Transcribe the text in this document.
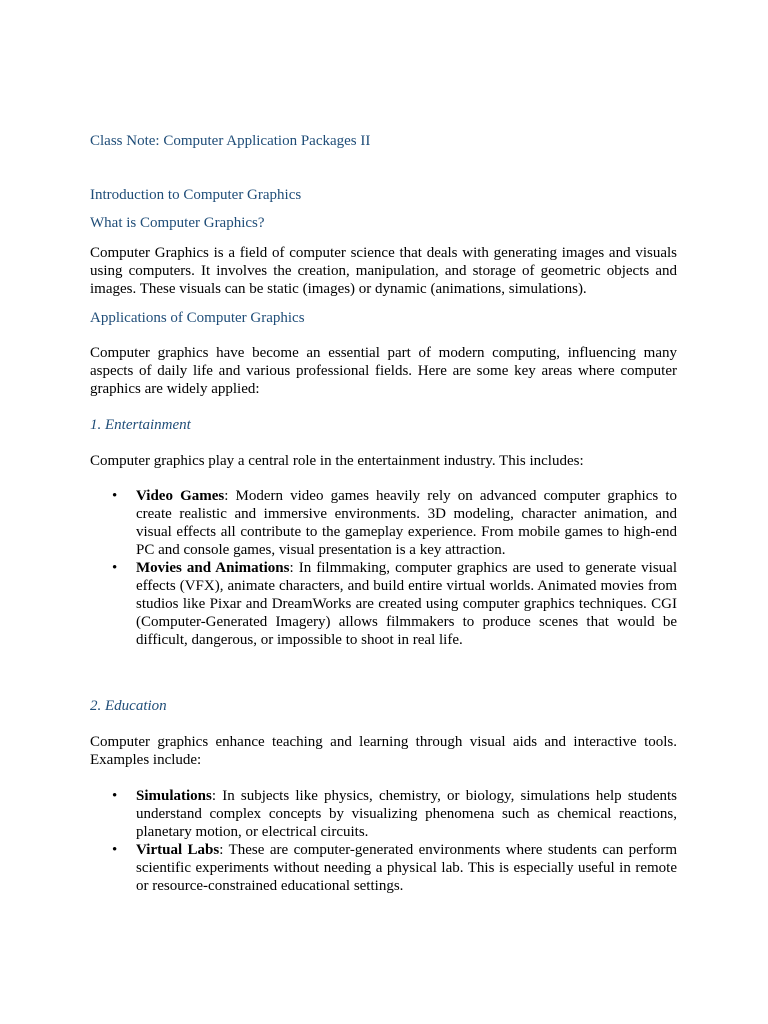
Class Note: Computer Application Packages II

Introduction to Computer Graphics

What is Computer Graphics?

Computer Graphics is a field of computer science that deals with generating images and visuals using computers. It involves the creation, manipulation, and storage of geometric objects and images. These visuals can be static (images) or dynamic (animations, simulations).

Applications of Computer Graphics

Computer graphics have become an essential part of modern computing, influencing many aspects of daily life and various professional fields. Here are some key areas where computer graphics are widely applied:

1. Entertainment

Computer graphics play a central role in the entertainment industry. This includes:

• Video Games: Modern video games heavily rely on advanced computer graphics to create realistic and immersive environments. 3D modeling, character animation, and visual effects all contribute to the gameplay experience. From mobile games to high-end PC and console games, visual presentation is a key attraction.
• Movies and Animations: In filmmaking, computer graphics are used to generate visual effects (VFX), animate characters, and build entire virtual worlds. Animated movies from studios like Pixar and DreamWorks are created using computer graphics techniques. CGI (Computer-Generated Imagery) allows filmmakers to produce scenes that would be difficult, dangerous, or impossible to shoot in real life.

2. Education

Computer graphics enhance teaching and learning through visual aids and interactive tools. Examples include:

• Simulations: In subjects like physics, chemistry, or biology, simulations help students understand complex concepts by visualizing phenomena such as chemical reactions, planetary motion, or electrical circuits.
• Virtual Labs: These are computer-generated environments where students can perform scientific experiments without needing a physical lab. This is especially useful in remote or resource-constrained educational settings.
